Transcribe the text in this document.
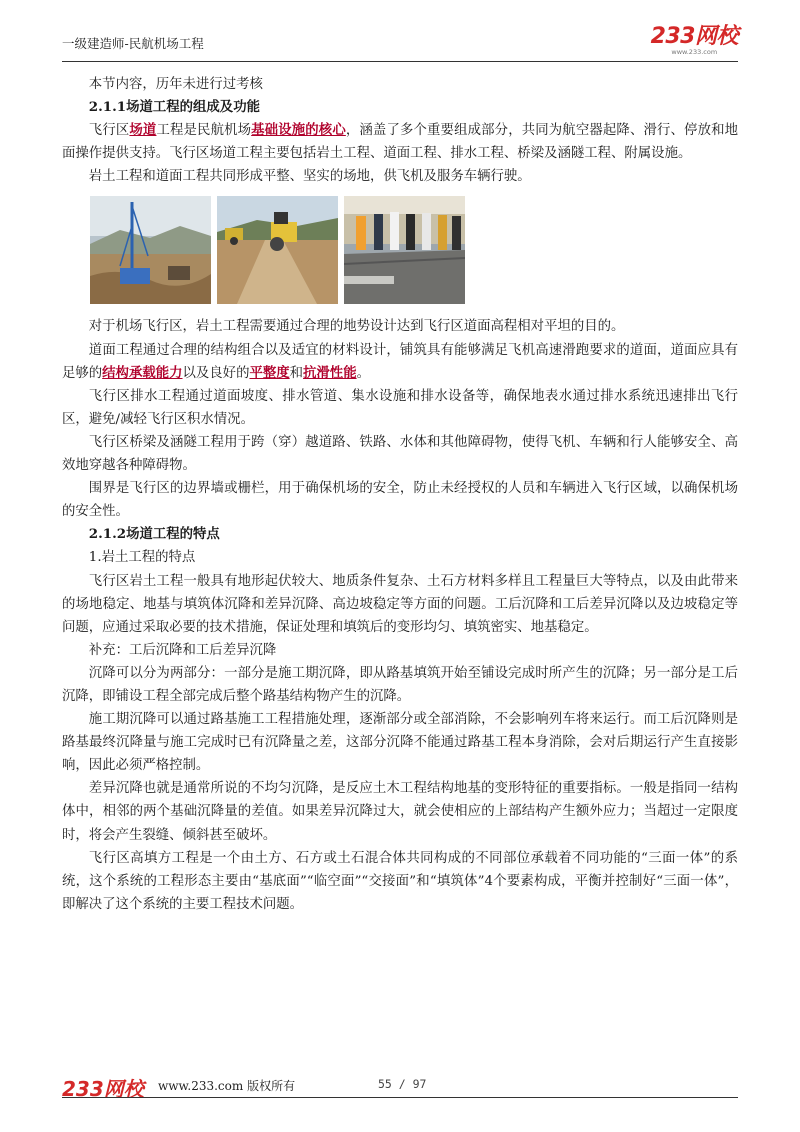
一级建造师-民航机场工程	233网校
www.233.com

本节内容，历年未进行过考核

2.1.1场道工程的组成及功能

飞行区场道工程是民航机场基础设施的核心，涵盖了多个重要组成部分，共同为航空器起降、滑行、停放和地面操作提供支持。飞行区场道工程主要包括岩土工程、道面工程、排水工程、桥梁及涵隧工程、附属设施。

岩土工程和道面工程共同形成平整、坚实的场地，供飞机及服务车辆行驶。

对于机场飞行区，岩土工程需要通过合理的地势设计达到飞行区道面高程相对平坦的目的。

道面工程通过合理的结构组合以及适宜的材料设计，铺筑具有能够满足飞机高速滑跑要求的道面，道面应具有足够的结构承载能力以及良好的平整度和抗滑性能。

飞行区排水工程通过道面坡度、排水管道、集水设施和排水设备等，确保地表水通过排水系统迅速排出飞行区，避免/减轻飞行区积水情况。

飞行区桥梁及涵隧工程用于跨（穿）越道路、铁路、水体和其他障碍物，使得飞机、车辆和行人能够安全、高效地穿越各种障碍物。

围界是飞行区的边界墙或栅栏，用于确保机场的安全，防止未经授权的人员和车辆进入飞行区域，以确保机场的安全性。

2.1.2场道工程的特点

1.岩土工程的特点

飞行区岩土工程一般具有地形起伏较大、地质条件复杂、土石方材料多样且工程量巨大等特点，以及由此带来的场地稳定、地基与填筑体沉降和差异沉降、高边坡稳定等方面的问题。工后沉降和工后差异沉降以及边坡稳定等问题，应通过采取必要的技术措施，保证处理和填筑后的变形均匀、填筑密实、地基稳定。

补充：工后沉降和工后差异沉降

沉降可以分为两部分：一部分是施工期沉降，即从路基填筑开始至铺设完成时所产生的沉降；另一部分是工后沉降，即铺设工程全部完成后整个路基结构物产生的沉降。

施工期沉降可以通过路基施工工程措施处理，逐渐部分或全部消除，不会影响列车将来运行。而工后沉降则是路基最终沉降量与施工完成时已有沉降量之差，这部分沉降不能通过路基工程本身消除，会对后期运行产生直接影响，因此必须严格控制。

差异沉降也就是通常所说的不均匀沉降，是反应土木工程结构地基的变形特征的重要指标。一般是指同一结构体中，相邻的两个基础沉降量的差值。如果差异沉降过大，就会使相应的上部结构产生额外应力；当超过一定限度时，将会产生裂缝、倾斜甚至破坏。

飞行区高填方工程是一个由土方、石方或土石混合体共同构成的不同部位承载着不同功能的“三面一体”的系统，这个系统的工程形态主要由“基底面”“临空面”“交接面”和“填筑体”4个要素构成，平衡并控制好“三面一体”，即解决了这个系统的主要工程技术问题。

233网校 www.233.com 版权所有	55 / 97
